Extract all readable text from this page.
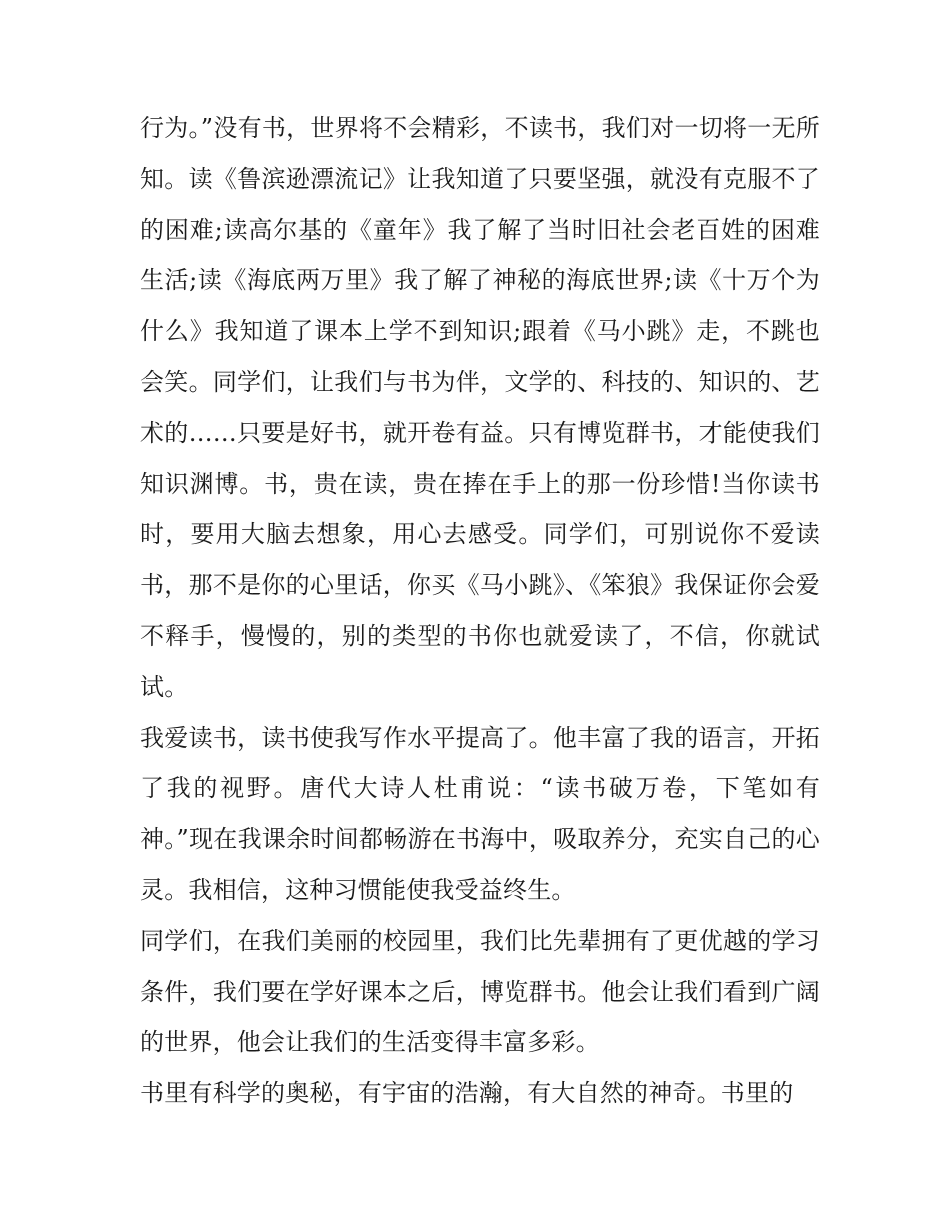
行为。”没有书，世界将不会精彩，不读书，我们对一切将一无所知。读《鲁滨逊漂流记》让我知道了只要坚强，就没有克服不了的困难;读高尔基的《童年》我了解了当时旧社会老百姓的困难生活;读《海底两万里》我了解了神秘的海底世界;读《十万个为什么》我知道了课本上学不到知识;跟着《马小跳》走，不跳也会笑。同学们，让我们与书为伴，文学的、科技的、知识的、艺术的……只要是好书，就开卷有益。只有博览群书，才能使我们知识渊博。书，贵在读，贵在捧在手上的那一份珍惜!当你读书时，要用大脑去想象，用心去感受。同学们，可别说你不爱读书，那不是你的心里话，你买《马小跳》、《笨狼》我保证你会爱不释手，慢慢的，别的类型的书你也就爱读了，不信，你就试试。

我爱读书，读书使我写作水平提高了。他丰富了我的语言，开拓了我的视野。唐代大诗人杜甫说：“读书破万卷，下笔如有神。”现在我课余时间都畅游在书海中，吸取养分，充实自己的心灵。我相信，这种习惯能使我受益终生。

同学们，在我们美丽的校园里，我们比先辈拥有了更优越的学习条件，我们要在学好课本之后，博览群书。他会让我们看到广阔的世界，他会让我们的生活变得丰富多彩。

书里有科学的奥秘，有宇宙的浩瀚，有大自然的神奇。书里的
